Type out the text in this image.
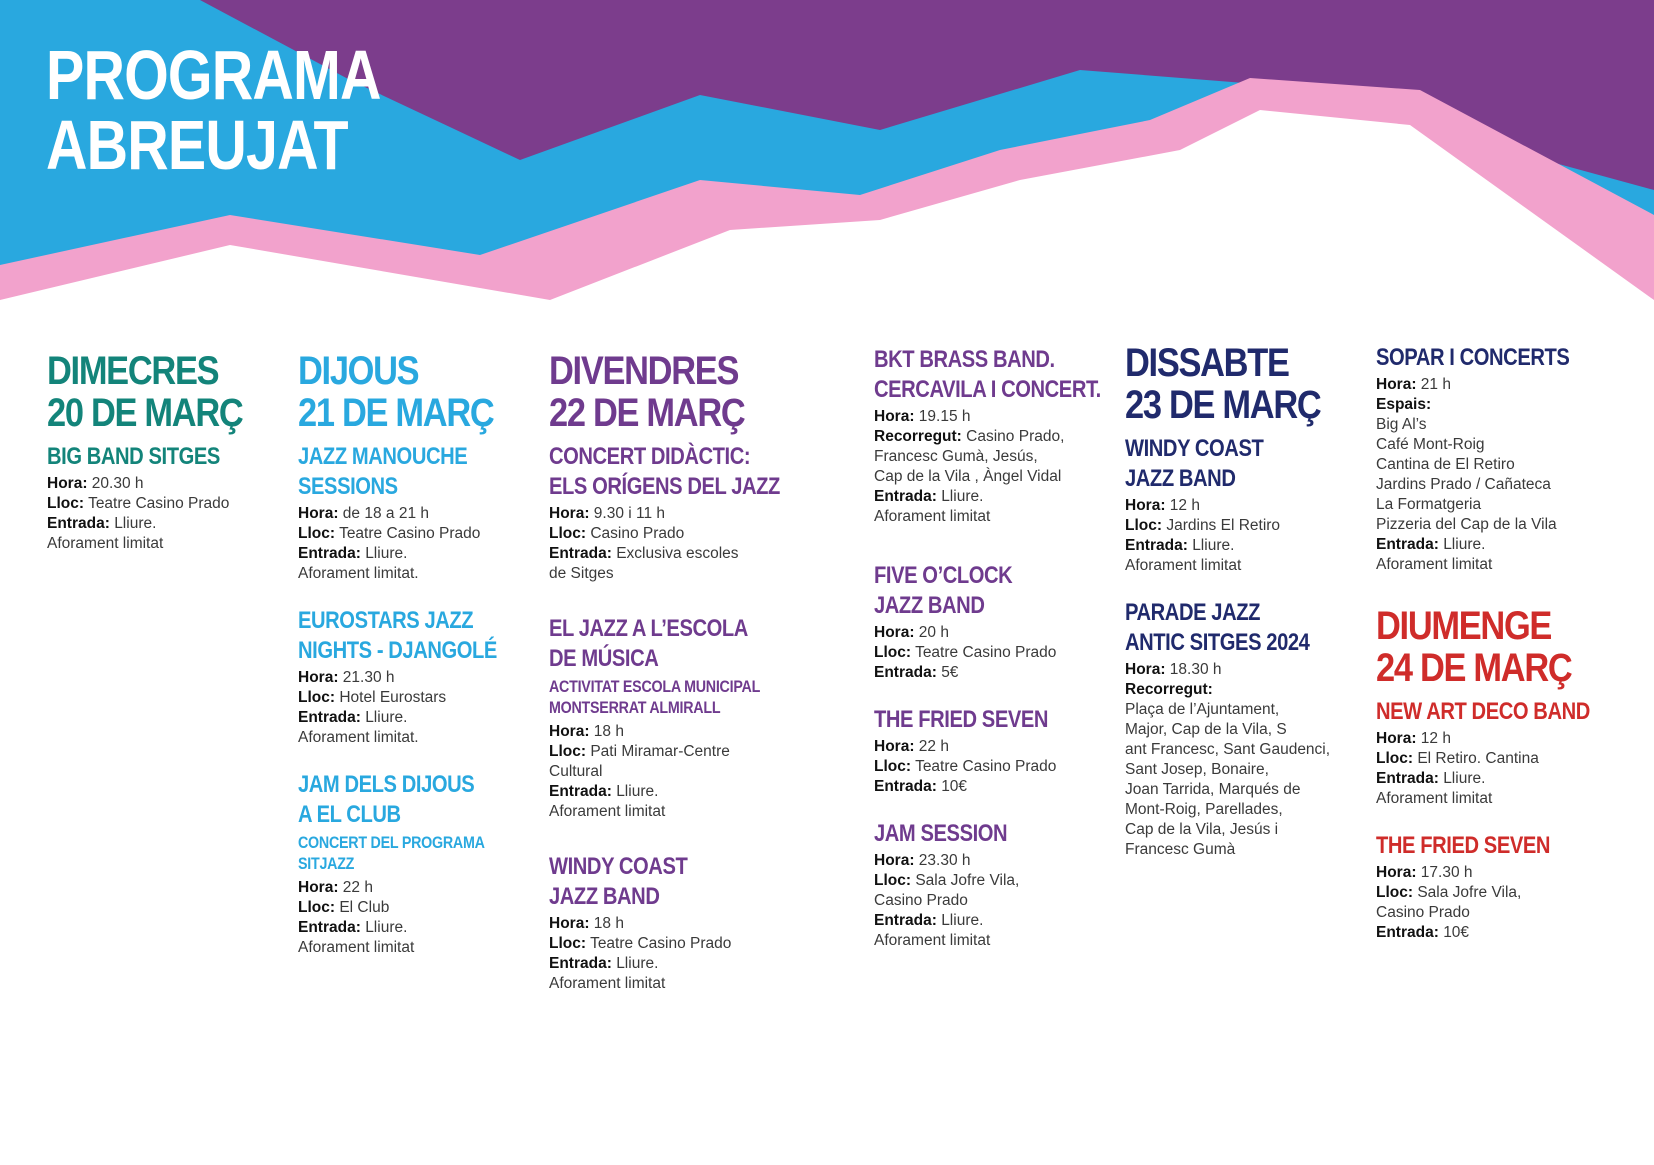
PROGRAMA
ABREUJAT
DIMECRES
20 DE MARÇ
BIG BAND SITGES

Hora: 20.30 h
Lloc: Teatre Casino Prado
Entrada: Lliure.
Aforament limitat

DIJOUS
21 DE MARÇ
JAZZ MANOUCHE
SESSIONS

Hora: de 18 a 21 h
Lloc: Teatre Casino Prado
Entrada: Lliure.
Aforament limitat.

EUROSTARS JAZZ
NIGHTS - DJANGOLÉ

Hora: 21.30 h
Lloc: Hotel Eurostars
Entrada: Lliure.
Aforament limitat.

JAM DELS DIJOUS
A EL CLUB
CONCERT DEL PROGRAMA
SITJAZZ

Hora: 22 h
Lloc: El Club
Entrada: Lliure.
Aforament limitat

DIVENDRES
22 DE MARÇ
CONCERT DIDÀCTIC:
ELS ORÍGENS DEL JAZZ

Hora: 9.30 i 11 h
Lloc: Casino Prado
Entrada: Exclusiva escoles
de Sitges

EL JAZZ A L’ESCOLA
DE MÚSICA
ACTIVITAT ESCOLA MUNICIPAL
MONTSERRAT ALMIRALL

Hora: 18 h
Lloc: Pati Miramar-Centre
Cultural
Entrada: Lliure.
Aforament limitat

WINDY COAST
JAZZ BAND

Hora: 18 h
Lloc: Teatre Casino Prado
Entrada: Lliure.
Aforament limitat

BKT BRASS BAND.
CERCAVILA I CONCERT.

Hora: 19.15 h
Recorregut: Casino Prado,
Francesc Gumà, Jesús,
Cap de la Vila , Àngel Vidal
Entrada: Lliure.
Aforament limitat

FIVE O’CLOCK
JAZZ BAND

Hora: 20 h
Lloc: Teatre Casino Prado
Entrada: 5€

THE FRIED SEVEN

Hora: 22 h
Lloc: Teatre Casino Prado
Entrada: 10€

JAM SESSION

Hora: 23.30 h
Lloc: Sala Jofre Vila,
Casino Prado
Entrada: Lliure.
Aforament limitat

DISSABTE
23 DE MARÇ
WINDY COAST
JAZZ BAND

Hora: 12 h
Lloc: Jardins El Retiro
Entrada: Lliure.
Aforament limitat

PARADE JAZZ
ANTIC SITGES 2024

Hora: 18.30 h
Recorregut:
Plaça de l’Ajuntament,
Major, Cap de la Vila, S
ant Francesc, Sant Gaudenci,
Sant Josep, Bonaire,
Joan Tarrida, Marqués de
Mont-Roig, Parellades,
Cap de la Vila, Jesús i
Francesc Gumà

SOPAR I CONCERTS

Hora: 21 h
Espais:
Big Al’s
Café Mont-Roig
Cantina de El Retiro
Jardins Prado / Cañateca
La Formatgeria
Pizzeria del Cap de la Vila
Entrada: Lliure.
Aforament limitat

DIUMENGE
24 DE MARÇ
NEW ART DECO BAND

Hora: 12 h
Lloc: El Retiro. Cantina
Entrada: Lliure.
Aforament limitat

THE FRIED SEVEN

Hora: 17.30 h
Lloc: Sala Jofre Vila,
Casino Prado
Entrada: 10€
